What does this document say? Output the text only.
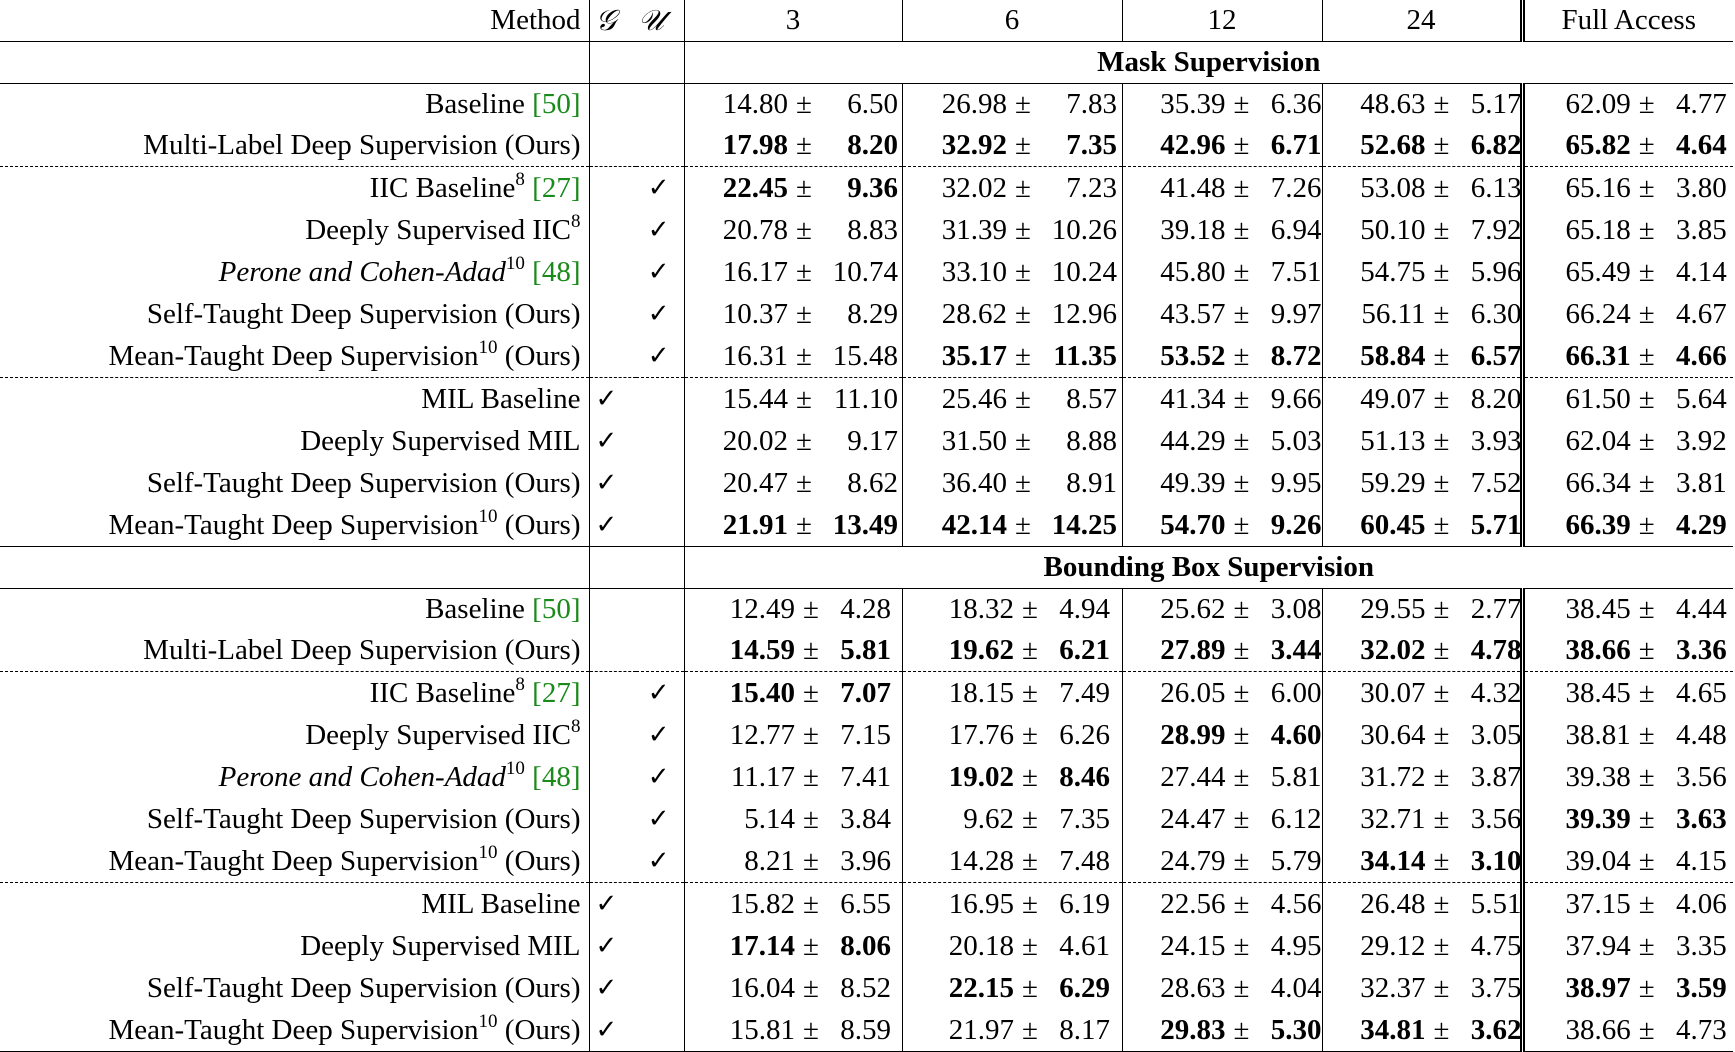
Method	𝒢	𝒰	3	6	12	24	Full Access
			Mask Supervision				
Baseline [50]			14.80 ± 6.50	26.98 ± 7.83	35.39 ± 6.36	48.63 ± 5.17	62.09 ± 4.77
Multi-Label Deep Supervision (Ours)			17.98 ± 8.20	32.92 ± 7.35	42.96 ± 6.71	52.68 ± 6.82	65.82 ± 4.64
IIC Baseline$^8$ [27]		✓	22.45 ± 9.36	32.02 ± 7.23	41.48 ± 7.26	53.08 ± 6.13	65.16 ± 3.80
Deeply Supervised IIC$^8$		✓	20.78 ± 8.83	31.39 ± 10.26	39.18 ± 6.94	50.10 ± 7.92	65.18 ± 3.85
Perone and Cohen-Adad$^{10}$ [48]		✓	16.17 ± 10.74	33.10 ± 10.24	45.80 ± 7.51	54.75 ± 5.96	65.49 ± 4.14
Self-Taught Deep Supervision (Ours)		✓	10.37 ± 8.29	28.62 ± 12.96	43.57 ± 9.97	56.11 ± 6.30	66.24 ± 4.67
Mean-Taught Deep Supervision$^{10}$ (Ours)		✓	16.31 ± 15.48	35.17 ± 11.35	53.52 ± 8.72	58.84 ± 6.57	66.31 ± 4.66
MIL Baseline	✓		15.44 ± 11.10	25.46 ± 8.57	41.34 ± 9.66	49.07 ± 8.20	61.50 ± 5.64
Deeply Supervised MIL	✓		20.02 ± 9.17	31.50 ± 8.88	44.29 ± 5.03	51.13 ± 3.93	62.04 ± 3.92
Self-Taught Deep Supervision (Ours)	✓		20.47 ± 8.62	36.40 ± 8.91	49.39 ± 9.95	59.29 ± 7.52	66.34 ± 3.81
Mean-Taught Deep Supervision$^{10}$ (Ours)	✓		21.91 ± 13.49	42.14 ± 14.25	54.70 ± 9.26	60.45 ± 5.71	66.39 ± 4.29
			Bounding Box Supervision				
Baseline [50]			12.49 ± 4.28	18.32 ± 4.94	25.62 ± 3.08	29.55 ± 2.77	38.45 ± 4.44
Multi-Label Deep Supervision (Ours)			14.59 ± 5.81	19.62 ± 6.21	27.89 ± 3.44	32.02 ± 4.78	38.66 ± 3.36
IIC Baseline$^8$ [27]		✓	15.40 ± 7.07	18.15 ± 7.49	26.05 ± 6.00	30.07 ± 4.32	38.45 ± 4.65
Deeply Supervised IIC$^8$		✓	12.77 ± 7.15	17.76 ± 6.26	28.99 ± 4.60	30.64 ± 3.05	38.81 ± 4.48
Perone and Cohen-Adad$^{10}$ [48]		✓	11.17 ± 7.41	19.02 ± 8.46	27.44 ± 5.81	31.72 ± 3.87	39.38 ± 3.56
Self-Taught Deep Supervision (Ours)		✓	5.14 ± 3.84	9.62 ± 7.35	24.47 ± 6.12	32.71 ± 3.56	39.39 ± 3.63
Mean-Taught Deep Supervision$^{10}$ (Ours)		✓	8.21 ± 3.96	14.28 ± 7.48	24.79 ± 5.79	34.14 ± 3.10	39.04 ± 4.15
MIL Baseline	✓		15.82 ± 6.55	16.95 ± 6.19	22.56 ± 4.56	26.48 ± 5.51	37.15 ± 4.06
Deeply Supervised MIL	✓		17.14 ± 8.06	20.18 ± 4.61	24.15 ± 4.95	29.12 ± 4.75	37.94 ± 3.35
Self-Taught Deep Supervision (Ours)	✓		16.04 ± 8.52	22.15 ± 6.29	28.63 ± 4.04	32.37 ± 3.75	38.97 ± 3.59
Mean-Taught Deep Supervision$^{10}$ (Ours)	✓		15.81 ± 8.59	21.97 ± 8.17	29.83 ± 5.30	34.81 ± 3.62	38.66 ± 4.73
